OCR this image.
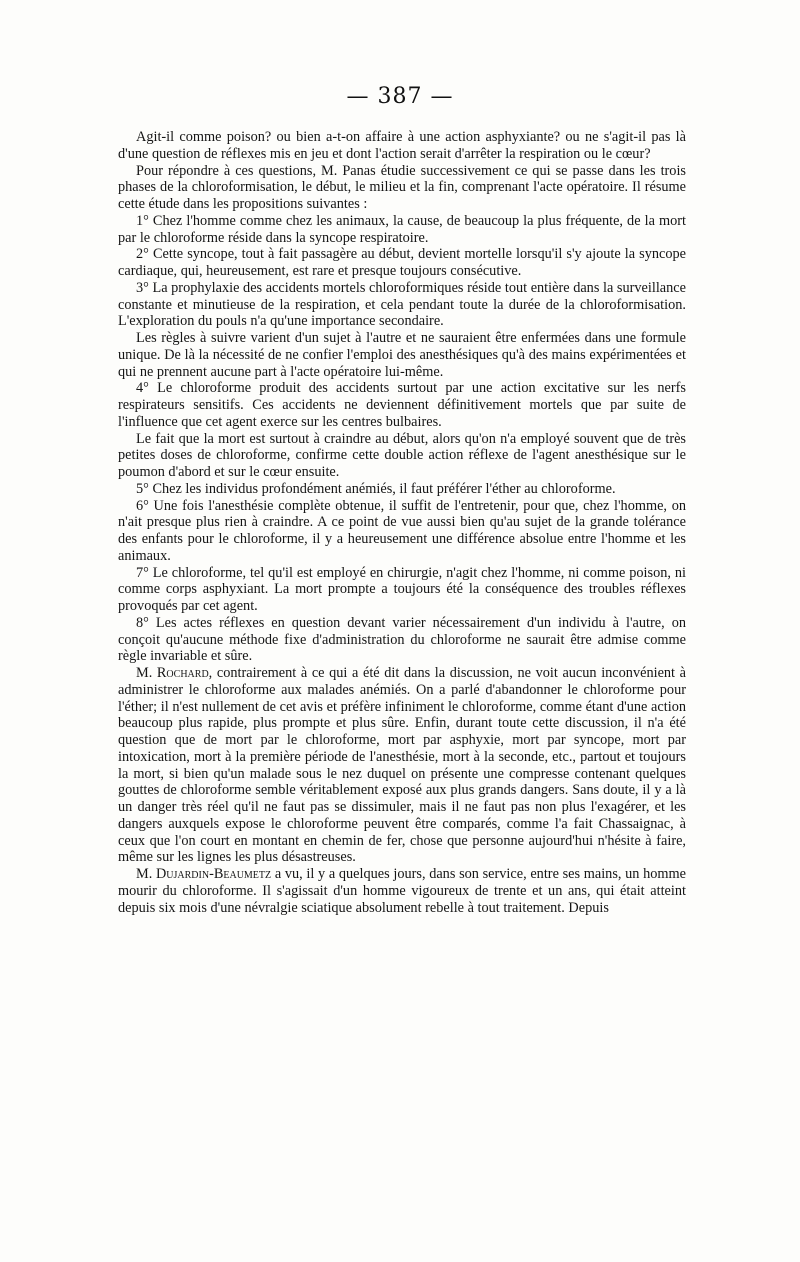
— 387 —

Agit-il comme poison? ou bien a-t-on affaire à une action asphyxiante? ou ne s'agit-il pas là d'une question de réflexes mis en jeu et dont l'action serait d'arrêter la respiration ou le cœur?

Pour répondre à ces questions, M. Panas étudie successivement ce qui se passe dans les trois phases de la chloroformisation, le début, le milieu et la fin, comprenant l'acte opératoire. Il résume cette étude dans les propositions suivantes :

1° Chez l'homme comme chez les animaux, la cause, de beaucoup la plus fréquente, de la mort par le chloroforme réside dans la syncope respiratoire.

2° Cette syncope, tout à fait passagère au début, devient mortelle lorsqu'il s'y ajoute la syncope cardiaque, qui, heureusement, est rare et presque toujours consécutive.

3° La prophylaxie des accidents mortels chloroformiques réside tout entière dans la surveillance constante et minutieuse de la respiration, et cela pendant toute la durée de la chloroformisation. L'exploration du pouls n'a qu'une importance secondaire.

Les règles à suivre varient d'un sujet à l'autre et ne sauraient être enfermées dans une formule unique. De là la nécessité de ne confier l'emploi des anesthésiques qu'à des mains expérimentées et qui ne prennent aucune part à l'acte opératoire lui-même.

4° Le chloroforme produit des accidents surtout par une action excitative sur les nerfs respirateurs sensitifs. Ces accidents ne deviennent définitivement mortels que par suite de l'influence que cet agent exerce sur les centres bulbaires.

Le fait que la mort est surtout à craindre au début, alors qu'on n'a employé souvent que de très petites doses de chloroforme, confirme cette double action réflexe de l'agent anesthésique sur le poumon d'abord et sur le cœur ensuite.

5° Chez les individus profondément anémiés, il faut préférer l'éther au chloroforme.

6° Une fois l'anesthésie complète obtenue, il suffit de l'entretenir, pour que, chez l'homme, on n'ait presque plus rien à craindre. A ce point de vue aussi bien qu'au sujet de la grande tolérance des enfants pour le chloroforme, il y a heureusement une différence absolue entre l'homme et les animaux.

7° Le chloroforme, tel qu'il est employé en chirurgie, n'agit chez l'homme, ni comme poison, ni comme corps asphyxiant. La mort prompte a toujours été la conséquence des troubles réflexes provoqués par cet agent.

8° Les actes réflexes en question devant varier nécessairement d'un individu à l'autre, on conçoit qu'aucune méthode fixe d'administration du chloroforme ne saurait être admise comme règle invariable et sûre.

M. Rochard, contrairement à ce qui a été dit dans la discussion, ne voit aucun inconvénient à administrer le chloroforme aux malades anémiés. On a parlé d'abandonner le chloroforme pour l'éther; il n'est nullement de cet avis et préfère infiniment le chloroforme, comme étant d'une action beaucoup plus rapide, plus prompte et plus sûre. Enfin, durant toute cette discussion, il n'a été question que de mort par le chloroforme, mort par asphyxie, mort par syncope, mort par intoxication, mort à la première période de l'anesthésie, mort à la seconde, etc., partout et toujours la mort, si bien qu'un malade sous le nez duquel on présente une compresse contenant quelques gouttes de chloroforme semble véritablement exposé aux plus grands dangers. Sans doute, il y a là un danger très réel qu'il ne faut pas se dissimuler, mais il ne faut pas non plus l'exagérer, et les dangers auxquels expose le chloroforme peuvent être comparés, comme l'a fait Chassaignac, à ceux que l'on court en montant en chemin de fer, chose que personne aujourd'hui n'hésite à faire, même sur les lignes les plus désastreuses.

M. Dujardin-Beaumetz a vu, il y a quelques jours, dans son service, entre ses mains, un homme mourir du chloroforme. Il s'agissait d'un homme vigoureux de trente et un ans, qui était atteint depuis six mois d'une névralgie sciatique absolument rebelle à tout traitement. Depuis
